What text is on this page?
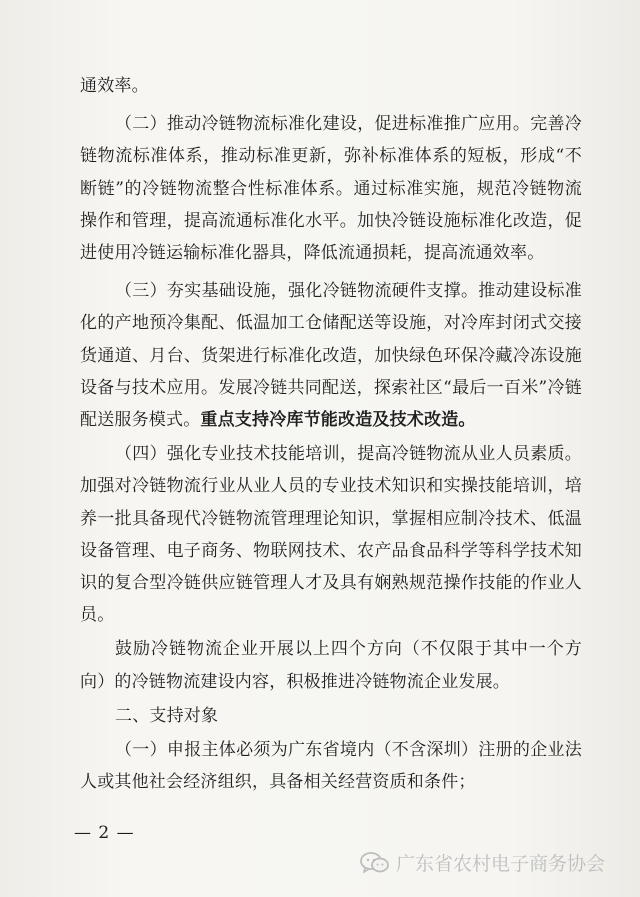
通效率。

（二）推动冷链物流标准化建设，促进标准推广应用。完善冷链物流标准体系，推动标准更新，弥补标准体系的短板，形成“不断链”的冷链物流整合性标准体系。通过标准实施，规范冷链物流操作和管理，提高流通标准化水平。加快冷链设施标准化改造，促进使用冷链运输标准化器具，降低流通损耗，提高流通效率。

（三）夯实基础设施，强化冷链物流硬件支撑。推动建设标准化的产地预冷集配、低温加工仓储配送等设施，对冷库封闭式交接货通道、月台、货架进行标准化改造，加快绿色环保冷藏冷冻设施设备与技术应用。发展冷链共同配送，探索社区“最后一百米”冷链配送服务模式。重点支持冷库节能改造及技术改造。

（四）强化专业技术技能培训，提高冷链物流从业人员素质。加强对冷链物流行业从业人员的专业技术知识和实操技能培训，培养一批具备现代冷链物流管理理论知识，掌握相应制冷技术、低温设备管理、电子商务、物联网技术、农产品食品科学等科学技术知识的复合型冷链供应链管理人才及具有娴熟规范操作技能的作业人员。

鼓励冷链物流企业开展以上四个方向（不仅限于其中一个方向）的冷链物流建设内容，积极推进冷链物流企业发展。

二、支持对象

（一）申报主体必须为广东省境内（不含深圳）注册的企业法人或其他社会经济组织，具备相关经营资质和条件；

— 2 —
广东省农村电子商务协会
